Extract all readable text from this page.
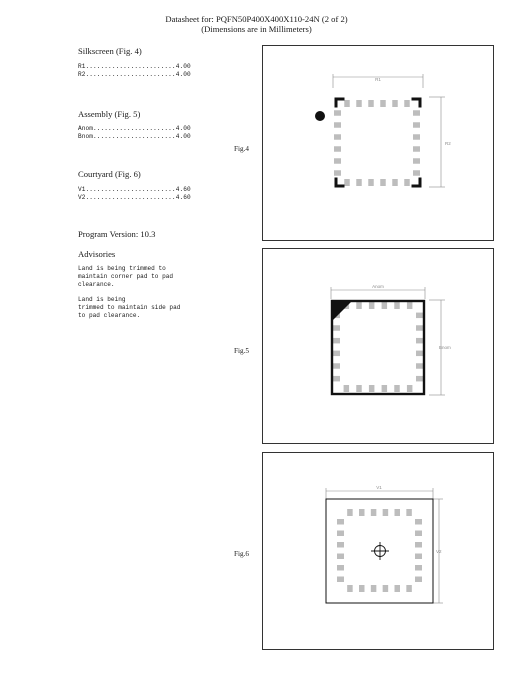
Datasheet for: PQFN50P400X400X110-24N (2 of 2)
(Dimensions are in Millimeters)
Silkscreen (Fig. 4)
R1........................4.00
R2........................4.00
Assembly (Fig. 5)
Anom......................4.00
Bnom......................4.00
Courtyard (Fig. 6)
V1........................4.60
V2........................4.60
Program Version: 10.3
Advisories
Land is being trimmed to
maintain corner pad to pad
clearance.
Land is being
trimmed to maintain side pad
to pad clearance.
Fig.4
Fig.5
Fig.6
R1
R2
Anom
Bnom
V1
V2
